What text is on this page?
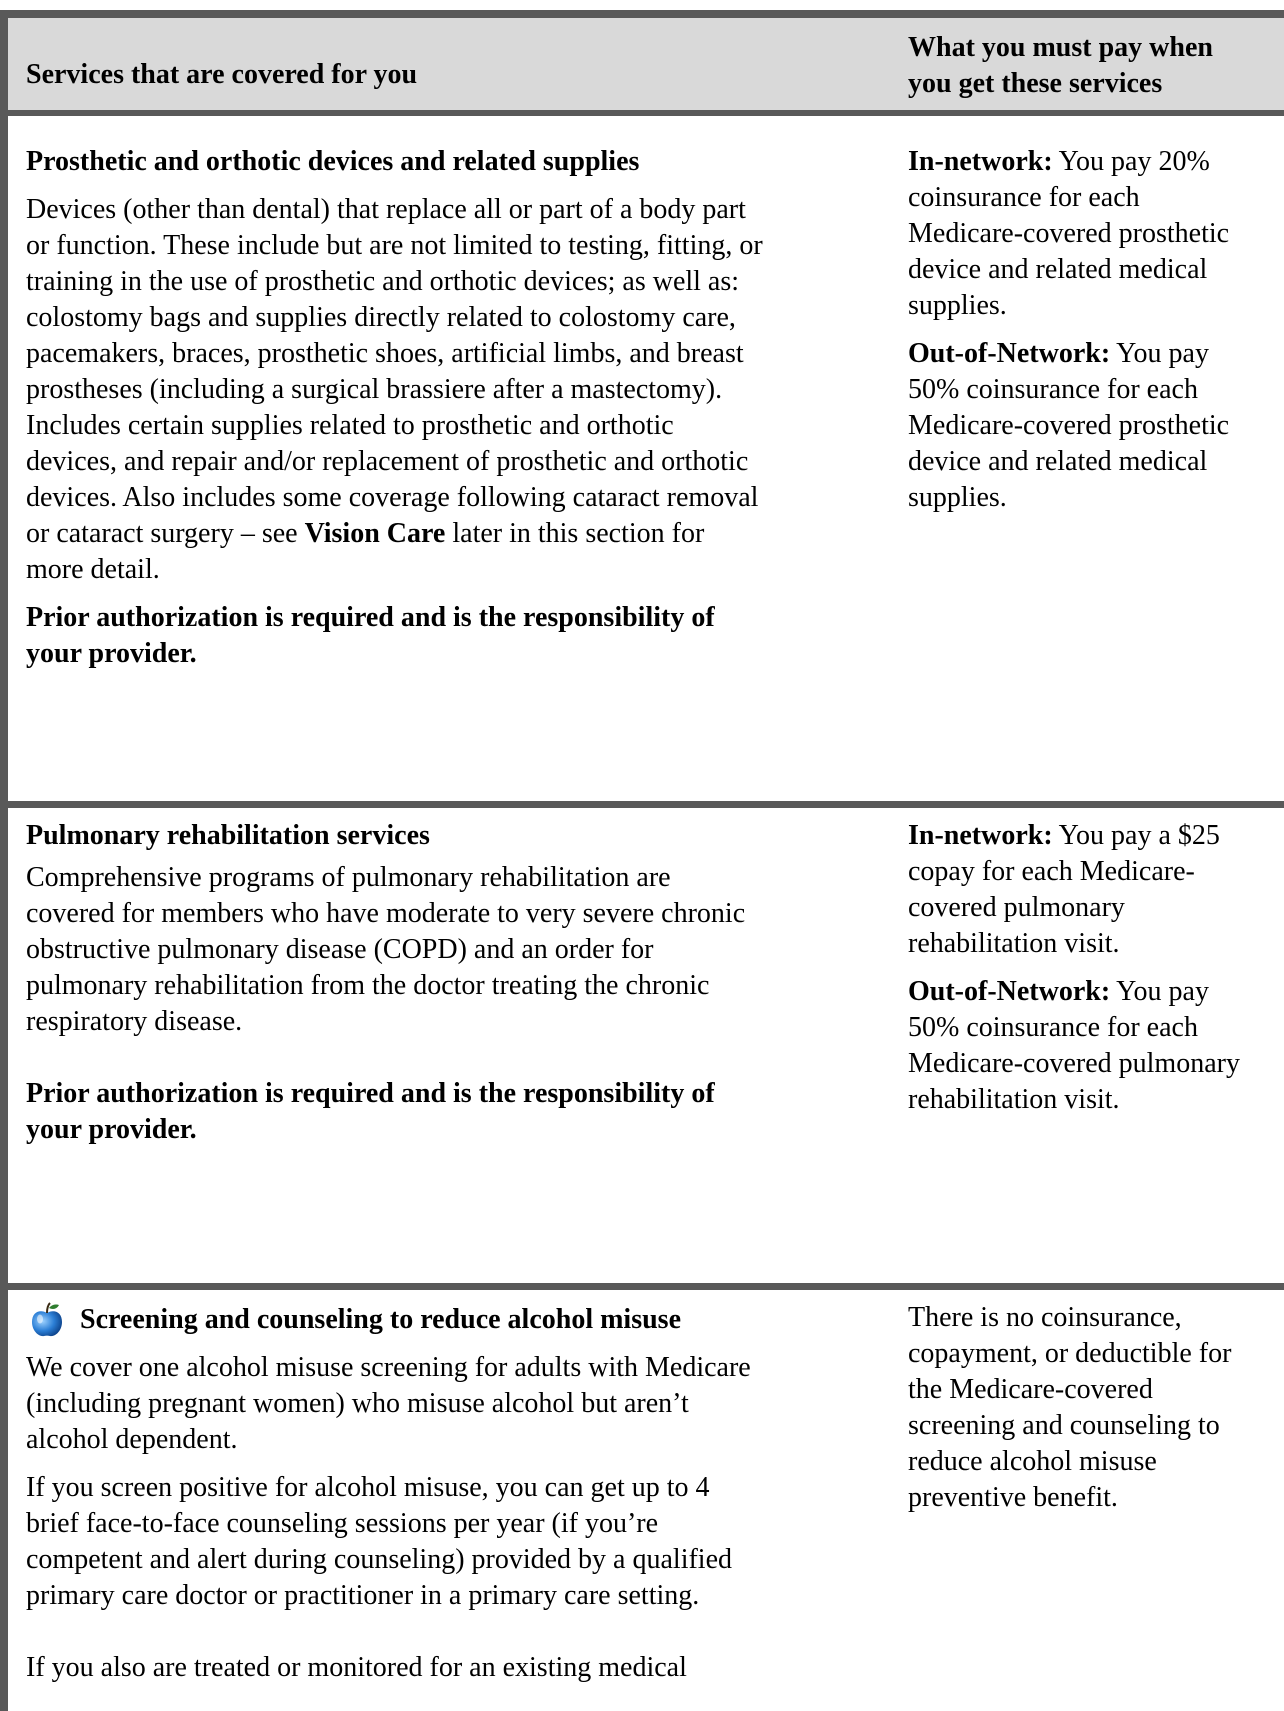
Services that are covered for you
What you must pay when
you get these services

Prosthetic and orthotic devices and related supplies

Devices (other than dental) that replace all or part of a body part

or function. These include but are not limited to testing, fitting, or

training in the use of prosthetic and orthotic devices; as well as:

colostomy bags and supplies directly related to colostomy care,

pacemakers, braces, prosthetic shoes, artificial limbs, and breast

prostheses (including a surgical brassiere after a mastectomy).

Includes certain supplies related to prosthetic and orthotic

devices, and repair and/or replacement of prosthetic and orthotic

devices. Also includes some coverage following cataract removal

or cataract surgery – see Vision Care later in this section for

more detail.

Prior authorization is required and is the responsibility of

your provider.

In-network: You pay 20%

coinsurance for each

Medicare-covered prosthetic

device and related medical

supplies.

Out-of-Network: You pay

50% coinsurance for each

Medicare-covered prosthetic

device and related medical

supplies.

Pulmonary rehabilitation services

Comprehensive programs of pulmonary rehabilitation are

covered for members who have moderate to very severe chronic

obstructive pulmonary disease (COPD) and an order for

pulmonary rehabilitation from the doctor treating the chronic

respiratory disease.

Prior authorization is required and is the responsibility of

your provider.

In-network: You pay a $25

copay for each Medicare-

covered pulmonary

rehabilitation visit.

Out-of-Network: You pay

50% coinsurance for each

Medicare-covered pulmonary

rehabilitation visit.

Screening and counseling to reduce alcohol misuse

We cover one alcohol misuse screening for adults with Medicare

(including pregnant women) who misuse alcohol but aren’t

alcohol dependent.

If you screen positive for alcohol misuse, you can get up to 4

brief face-to-face counseling sessions per year (if you’re

competent and alert during counseling) provided by a qualified

primary care doctor or practitioner in a primary care setting.

If you also are treated or monitored for an existing medical

There is no coinsurance,

copayment, or deductible for

the Medicare-covered

screening and counseling to

reduce alcohol misuse

preventive benefit.
